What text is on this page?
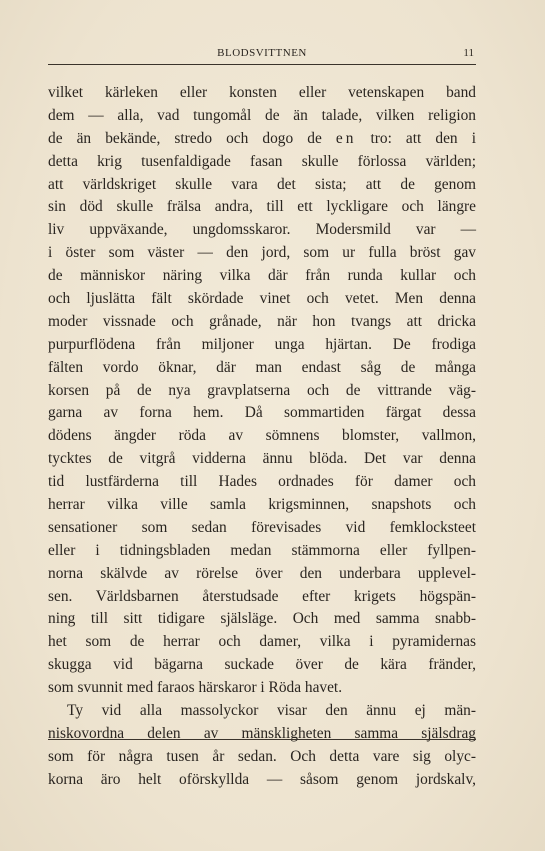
BLODSVITTNEN	11
vilket kärleken eller konsten eller vetenskapen band
dem — alla, vad tungomål de än talade, vilken religion
de än bekände, stredo och dogo de en tro: att den i
detta krig tusenfaldigade fasan skulle förlossa världen;
att världskriget skulle vara det sista; att de genom
sin död skulle frälsa andra, till ett lyckligare och längre
liv uppväxande, ungdomsskaror. Modersmild var —
i öster som väster — den jord, som ur fulla bröst gav
de människor näring vilka där från runda kullar och
och ljuslätta fält skördade vinet och vetet. Men denna
moder vissnade och grånade, när hon tvangs att dricka
purpurflödena från miljoner unga hjärtan. De frodiga
fälten vordo öknar, där man endast såg de många
korsen på de nya gravplatserna och de vittrande väg-
garna av forna hem. Då sommartiden färgat dessa
dödens ängder röda av sömnens blomster, vallmon,
tycktes de vitgrå vidderna ännu blöda. Det var denna
tid lustfärderna till Hades ordnades för damer och
herrar vilka ville samla krigsminnen, snapshots och
sensationer som sedan förevisades vid femklocksteet
eller i tidningsbladen medan stämmorna eller fyllpen-
norna skälvde av rörelse över den underbara upplevel-
sen. Världsbarnen återstudsade efter krigets högspän-
ning till sitt tidigare själsläge. Och med samma snabb-
het som de herrar och damer, vilka i pyramidernas
skugga vid bägarna suckade över de kära fränder,
som svunnit med faraos härskaror i Röda havet.
Ty vid alla massolyckor visar den ännu ej män-
niskovordna delen av mänskligheten samma själsdrag
som för några tusen år sedan. Och detta vare sig olyc-
korna äro helt oförskyllda — såsom genom jordskalv,
